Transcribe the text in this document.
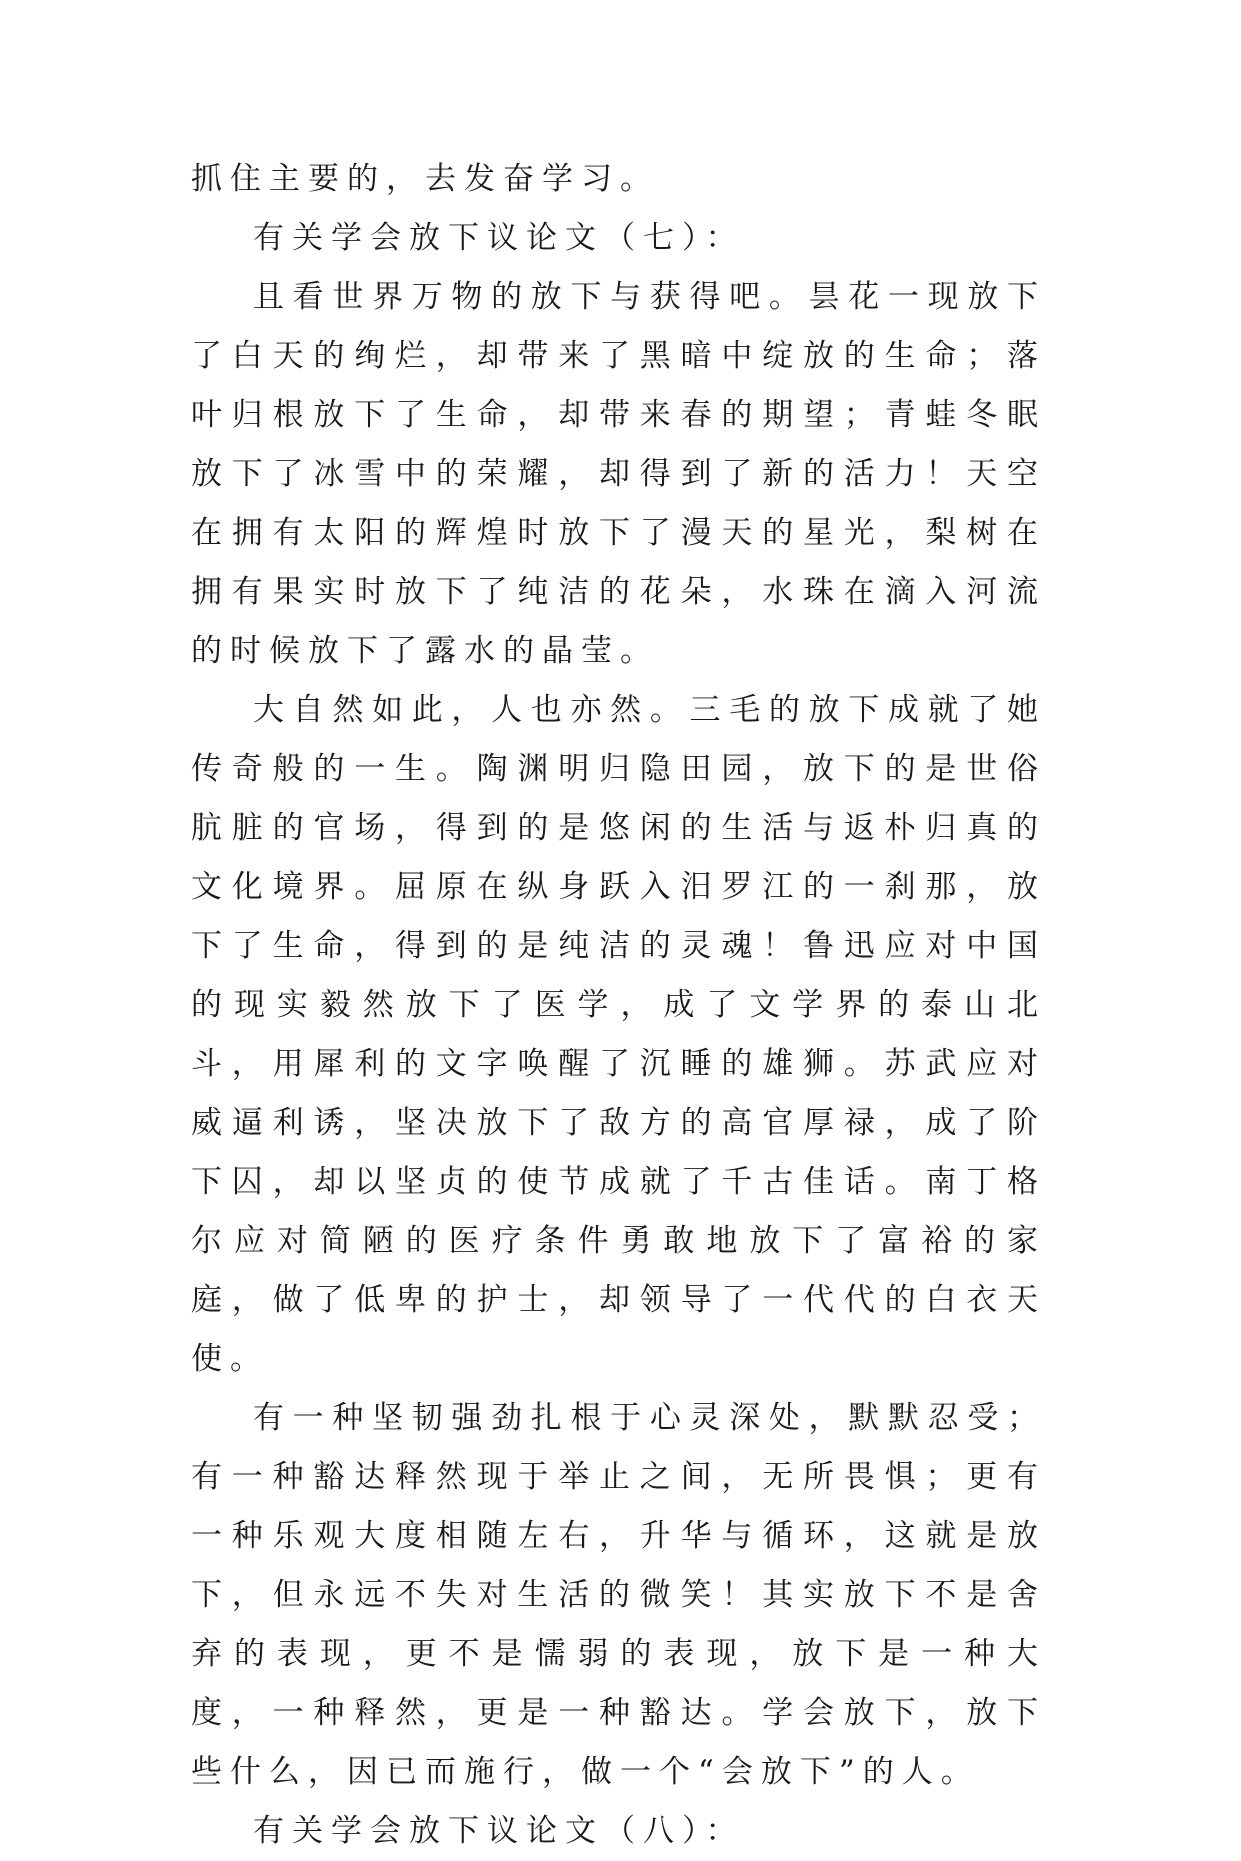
抓住主要的，去发奋学习。

有关学会放下议论文（七）：

且看世界万物的放下与获得吧。昙花一现放下了白天的绚烂，却带来了黑暗中绽放的生命；落叶归根放下了生命，却带来春的期望；青蛙冬眠放下了冰雪中的荣耀，却得到了新的活力！天空在拥有太阳的辉煌时放下了漫天的星光，梨树在拥有果实时放下了纯洁的花朵，水珠在滴入河流的时候放下了露水的晶莹。

大自然如此，人也亦然。三毛的放下成就了她传奇般的一生。陶渊明归隐田园，放下的是世俗肮脏的官场，得到的是悠闲的生活与返朴归真的文化境界。屈原在纵身跃入汨罗江的一刹那，放下了生命，得到的是纯洁的灵魂！鲁迅应对中国的现实毅然放下了医学，成了文学界的泰山北斗，用犀利的文字唤醒了沉睡的雄狮。苏武应对威逼利诱，坚决放下了敌方的高官厚禄，成了阶下囚，却以坚贞的使节成就了千古佳话。南丁格尔应对简陋的医疗条件勇敢地放下了富裕的家庭，做了低卑的护士，却领导了一代代的白衣天使。

有一种坚韧强劲扎根于心灵深处，默默忍受；有一种豁达释然现于举止之间，无所畏惧；更有一种乐观大度相随左右，升华与循环，这就是放下，但永远不失对生活的微笑！其实放下不是舍弃的表现，更不是懦弱的表现，放下是一种大度，一种释然，更是一种豁达。学会放下，放下些什么，因已而施行，做一个“会放下”的人。

有关学会放下议论文（八）：
